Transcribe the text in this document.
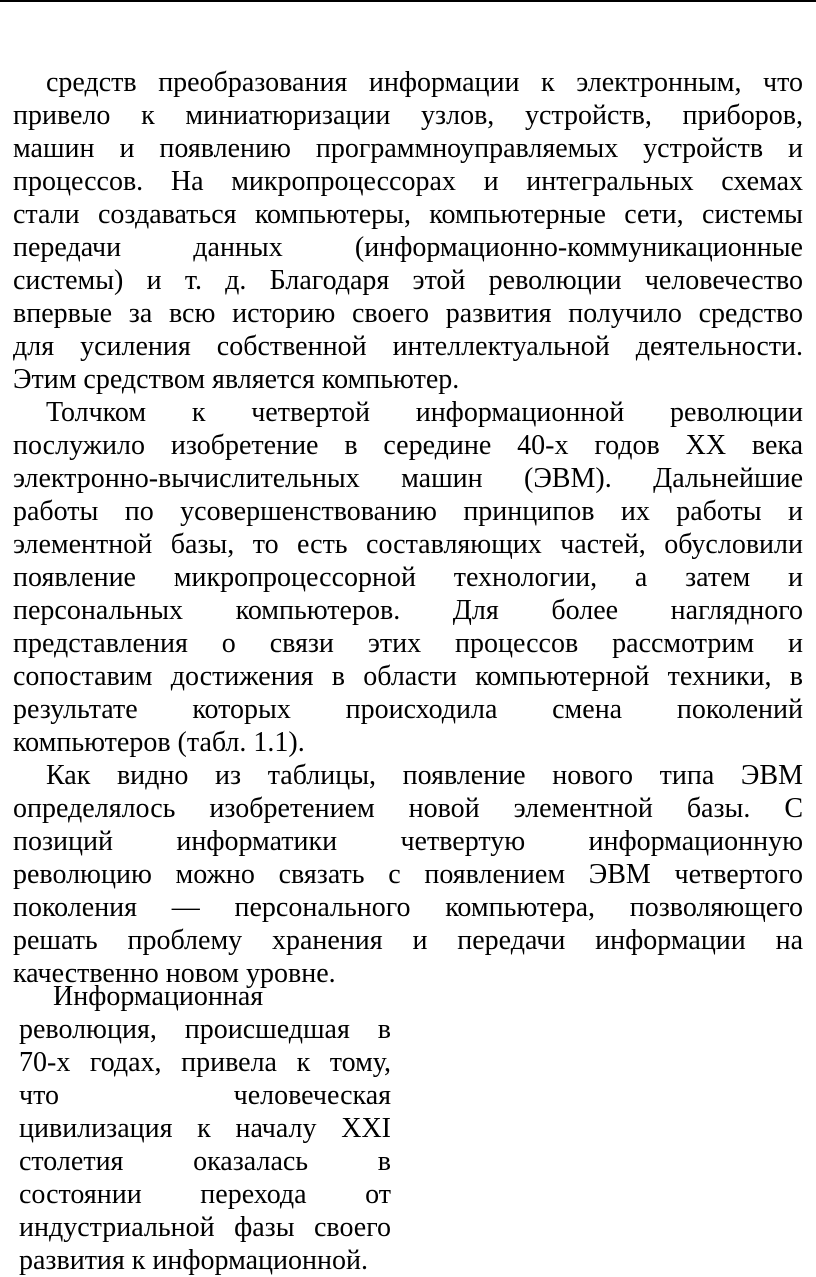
средств преобразования информации к электронным, что
привело к миниатюризации узлов, устройств, приборов,
машин и появлению программноуправляемых устройств и
процессов. На микропроцессорах и интегральных схемах
стали создаваться компьютеры, компьютерные сети, системы
передачи данных (информационно-коммуникационные
системы) и т. д. Благодаря этой революции человечество
впервые за всю историю своего развития получило средство
для усиления собственной интеллектуальной деятельности.
Этим средством является компьютер.
Толчком к четвертой информационной революции
послужило изобретение в середине 40-х годов XX века
электронно-вычислительных машин (ЭВМ). Дальнейшие
работы по усовершенствованию принципов их работы и
элементной базы, то есть составляющих частей, обусловили
появление микропроцессорной технологии, а затем и
персональных компьютеров. Для более наглядного
представления о связи этих процессов рассмотрим и
сопоставим достижения в области компьютерной техники, в
результате которых происходила смена поколений
компьютеров (табл. 1.1).
Как видно из таблицы, появление нового типа ЭВМ
определялось изобретением новой элементной базы. С
позиций информатики четвертую информационную
революцию можно связать с появлением ЭВМ четвертого
поколения — персонального компьютера, позволяющего
решать проблему хранения и передачи информации на
качественно новом уровне.
Информационная
революция, происшедшая в
70-х годах, привела к тому,
что человеческая
цивилизация к началу XXI
столетия оказалась в
состоянии перехода от
индустриальной фазы своего
развития к информационной.
